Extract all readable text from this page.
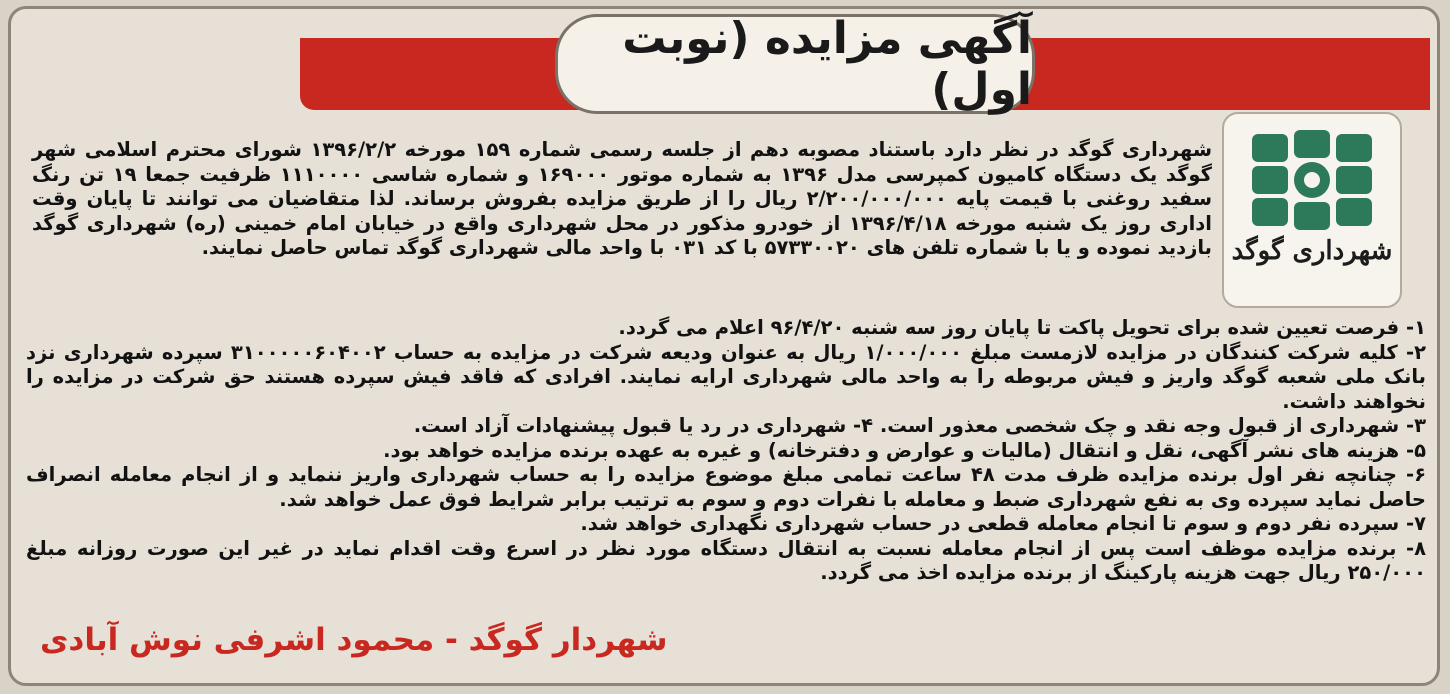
آگهی مزایده (نوبت اول)
شهرداری گوگد
شهرداری گوگد در نظر دارد باستناد مصوبه دهم از جلسه رسمی شماره ۱۵۹ مورخه ۱۳۹۶/۲/۲ شورای محترم اسلامی شهر گوگد یک دستگاه کامیون کمپرسی مدل ۱۳۹۶ به شماره موتور ۱۶۹۰۰۰ و شماره شاسی ۱۱۱۰۰۰۰ ظرفیت جمعا ۱۹ تن رنگ سفید روغنی با قیمت پایه ۲/۲۰۰/۰۰۰/۰۰۰ ریال را از طریق مزایده بفروش برساند. لذا متقاضیان می توانند تا پایان وقت اداری روز یک شنبه مورخه ۱۳۹۶/۴/۱۸ از خودرو مذکور در محل شهرداری واقع در خیابان امام خمینی (ره) شهرداری گوگد بازدید نموده و یا با شماره تلفن های ۵۷۳۳۰۰۲۰ با کد ۰۳۱ با واحد مالی شهرداری گوگد تماس حاصل نمایند.

۱- فرصت تعیین شده برای تحویل پاکت تا پایان روز سه شنبه ۹۶/۴/۲۰ اعلام می گردد.

۲- کلیه شرکت کنندگان در مزایده لازمست مبلغ ۱/۰۰۰/۰۰۰ ریال به عنوان ودیعه شرکت در مزایده به حساب ۳۱۰۰۰۰۰۶۰۴۰۰۲ سپرده شهرداری نزد بانک ملی شعبه گوگد واریز و فیش مربوطه را به واحد مالی شهرداری ارایه نمایند. افرادی که فاقد فیش سپرده هستند حق شرکت در مزایده را نخواهند داشت.

۳- شهرداری از قبول وجه نقد و چک شخصی معذور است. ۴- شهرداری در رد یا قبول پیشنهادات آزاد است.

۵- هزینه های نشر آگهی، نقل و انتقال (مالیات و عوارض و دفترخانه) و غیره به عهده برنده مزایده خواهد بود.

۶- چنانچه نفر اول برنده مزایده ظرف مدت ۴۸ ساعت تمامی مبلغ موضوع مزایده را به حساب شهرداری واریز ننماید و از انجام معامله انصراف حاصل نماید سپرده وی به نفع شهرداری ضبط و معامله با نفرات دوم و سوم به ترتیب برابر شرایط فوق عمل خواهد شد.

۷- سپرده نفر دوم و سوم تا انجام معامله قطعی در حساب شهرداری نگهداری خواهد شد.

۸- برنده مزایده موظف است پس از انجام معامله نسبت به انتقال دستگاه مورد نظر در اسرع وقت اقدام نماید در غیر این صورت روزانه مبلغ ۲۵۰/۰۰۰ ریال جهت هزینه پارکینگ از برنده مزایده اخذ می گردد.

شهردار گوگد - محمود اشرفی نوش آبادی
